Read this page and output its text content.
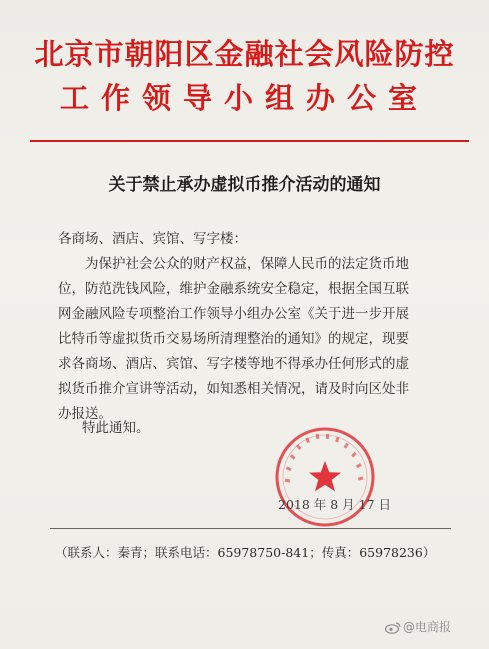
北京市朝阳区金融社会风险防控
工作领导小组办公室
关于禁止承办虚拟币推介活动的通知
各商场、酒店、宾馆、写字楼：
为保护社会公众的财产权益，保障人民币的法定货币地
位，防范洗钱风险，维护金融系统安全稳定，根据全国互联
网金融风险专项整治工作领导小组办公室《关于进一步开展
比特币等虚拟货币交易场所清理整治的通知》的规定，现要
求各商场、酒店、宾馆、写字楼等地不得承办任何形式的虚
拟货币推介宣讲等活动，如知悉相关情况，请及时向区处非
办报送。
特此通知。
2018 年 8 月 17 日
（联系人：秦青；联系电话：65978750-841；传真：65978236）
@电商报
